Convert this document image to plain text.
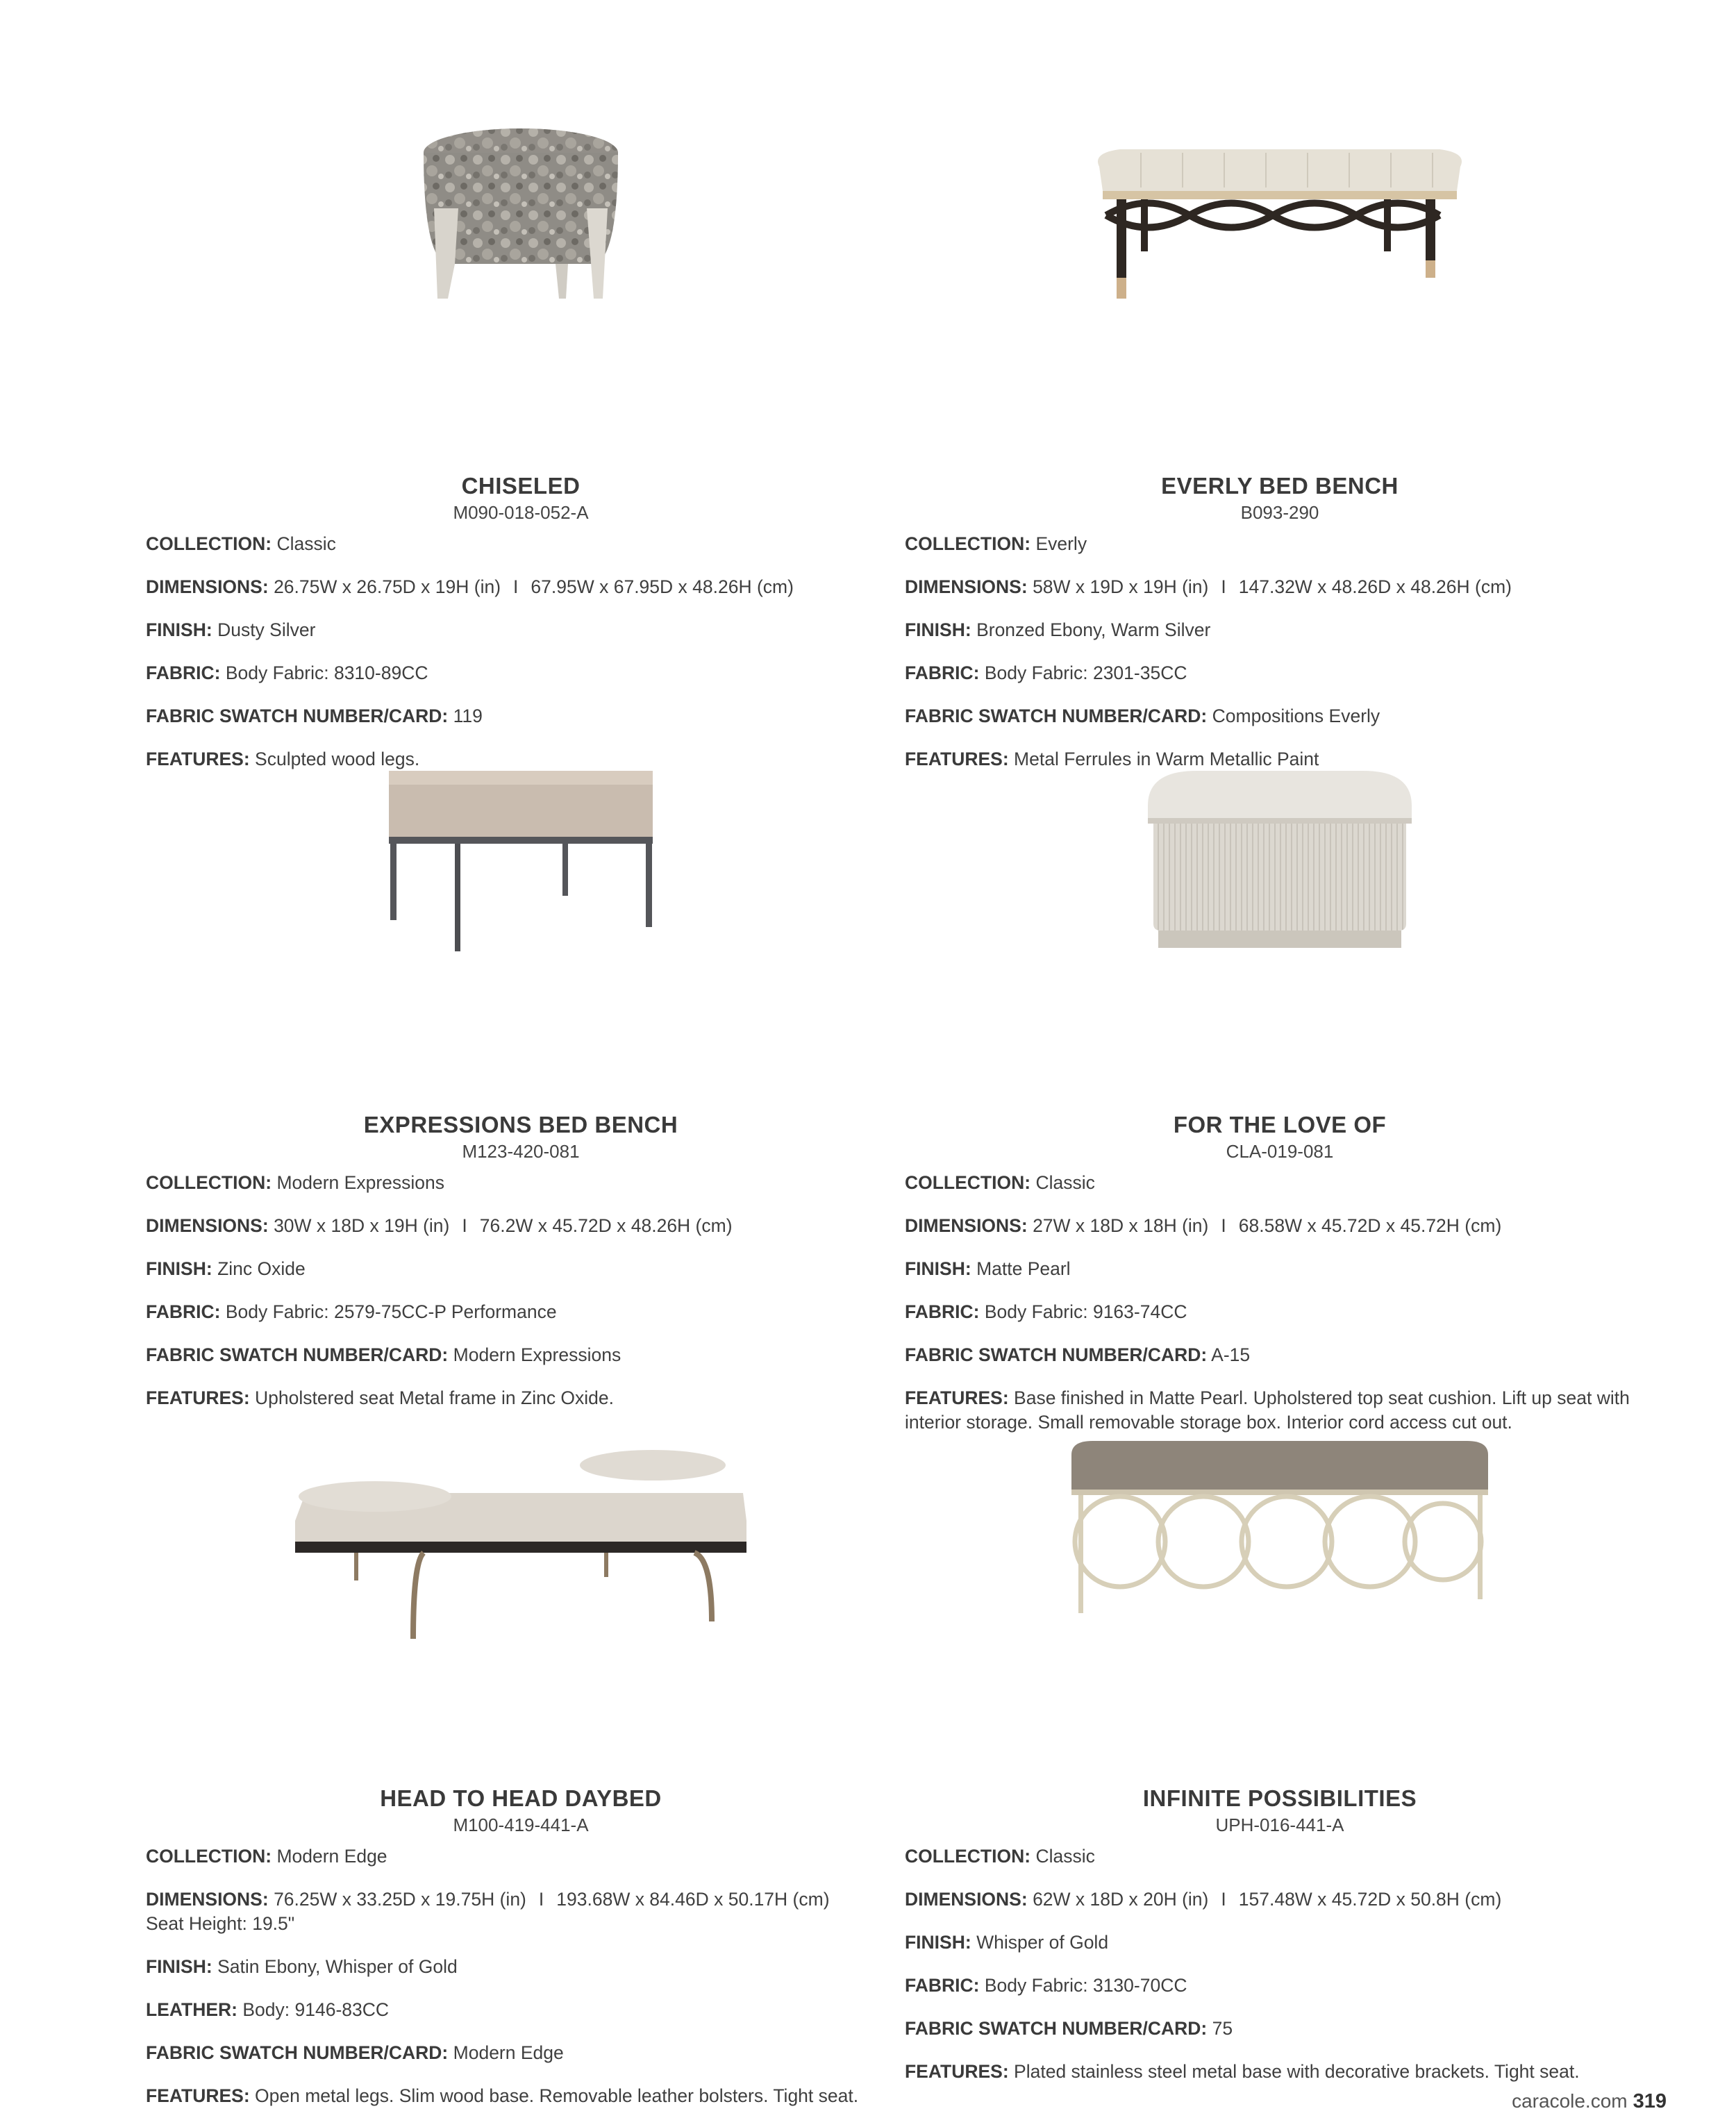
CHISELED
M090-018-052-A
COLLECTION: Classic
DIMENSIONS: 26.75W x 26.75D x 19H (in) I 67.95W x 67.95D x 48.26H (cm)
FINISH: Dusty Silver
FABRIC: Body Fabric: 8310-89CC
FABRIC SWATCH NUMBER/CARD: 119
FEATURES: Sculpted wood legs.
EVERLY BED BENCH
B093-290
COLLECTION: Everly
DIMENSIONS: 58W x 19D x 19H (in) I 147.32W x 48.26D x 48.26H (cm)
FINISH: Bronzed Ebony, Warm Silver
FABRIC: Body Fabric: 2301-35CC
FABRIC SWATCH NUMBER/CARD: Compositions Everly
FEATURES: Metal Ferrules in Warm Metallic Paint
EXPRESSIONS BED BENCH
M123-420-081
COLLECTION: Modern Expressions
DIMENSIONS: 30W x 18D x 19H (in) I 76.2W x 45.72D x 48.26H (cm)
FINISH: Zinc Oxide
FABRIC: Body Fabric: 2579-75CC-P Performance
FABRIC SWATCH NUMBER/CARD: Modern Expressions
FEATURES: Upholstered seat Metal frame in Zinc Oxide.
FOR THE LOVE OF
CLA-019-081
COLLECTION: Classic
DIMENSIONS: 27W x 18D x 18H (in) I 68.58W x 45.72D x 45.72H (cm)
FINISH: Matte Pearl
FABRIC: Body Fabric: 9163-74CC
FABRIC SWATCH NUMBER/CARD: A-15
FEATURES: Base finished in Matte Pearl. Upholstered top seat cushion. Lift up seat with interior storage. Small removable storage box. Interior cord access cut out.
HEAD TO HEAD DAYBED
M100-419-441-A
COLLECTION: Modern Edge
DIMENSIONS: 76.25W x 33.25D x 19.75H (in) I 193.68W x 84.46D x 50.17H (cm)
Seat Height: 19.5"
FINISH: Satin Ebony, Whisper of Gold
LEATHER: Body: 9146-83CC
FABRIC SWATCH NUMBER/CARD: Modern Edge
FEATURES: Open metal legs. Slim wood base. Removable leather bolsters. Tight seat.
INFINITE POSSIBILITIES
UPH-016-441-A
COLLECTION: Classic
DIMENSIONS: 62W x 18D x 20H (in) I 157.48W x 45.72D x 50.8H (cm)
FINISH: Whisper of Gold
FABRIC: Body Fabric: 3130-70CC
FABRIC SWATCH NUMBER/CARD: 75
FEATURES: Plated stainless steel metal base with decorative brackets. Tight seat.
caracole.com 319
